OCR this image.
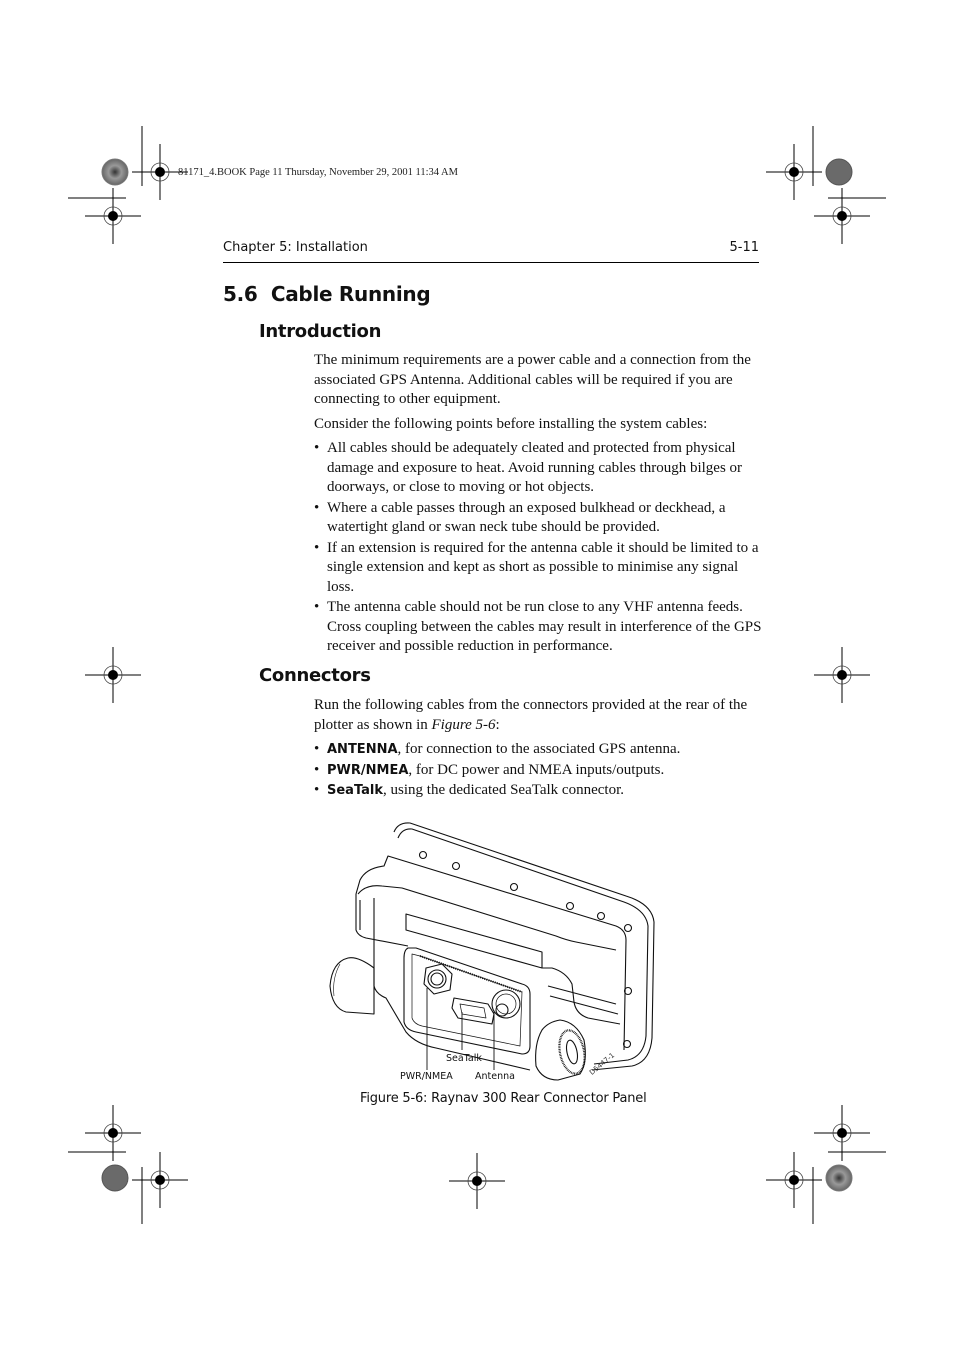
81171_4.BOOK Page 11 Thursday, November 29, 2001 11:34 AM
Chapter 5: Installation	5-11
5.6  Cable Running
Introduction

The minimum requirements are a power cable and a connection from the associated GPS Antenna. Additional cables will be required if you are connecting to other equipment.

Consider the following points before installing the system cables:

• All cables should be adequately cleated and protected from physical damage and exposure to heat. Avoid running cables through bilges or doorways, or close to moving or hot objects.
• Where a cable passes through an exposed bulkhead or deckhead, a watertight gland or swan neck tube should be provided.
• If an extension is required for the antenna cable it should be limited to a single extension and kept as short as possible to minimise any signal loss.
• The antenna cable should not be run close to any VHF antenna feeds. Cross coupling between the cables may result in interference of the GPS receiver and possible reduction in performance.
Connectors

Run the following cables from the connectors provided at the rear of the plotter as shown in Figure 5-6:

• ANTENNA, for connection to the associated GPS antenna.
• PWR/NMEA, for DC power and NMEA inputs/outputs.
• SeaTalk, using the dedicated SeaTalk connector.
SeaTalk
PWR/NMEA Antenna	D5447-1
Figure 5-6: Raynav 300 Rear Connector Panel
